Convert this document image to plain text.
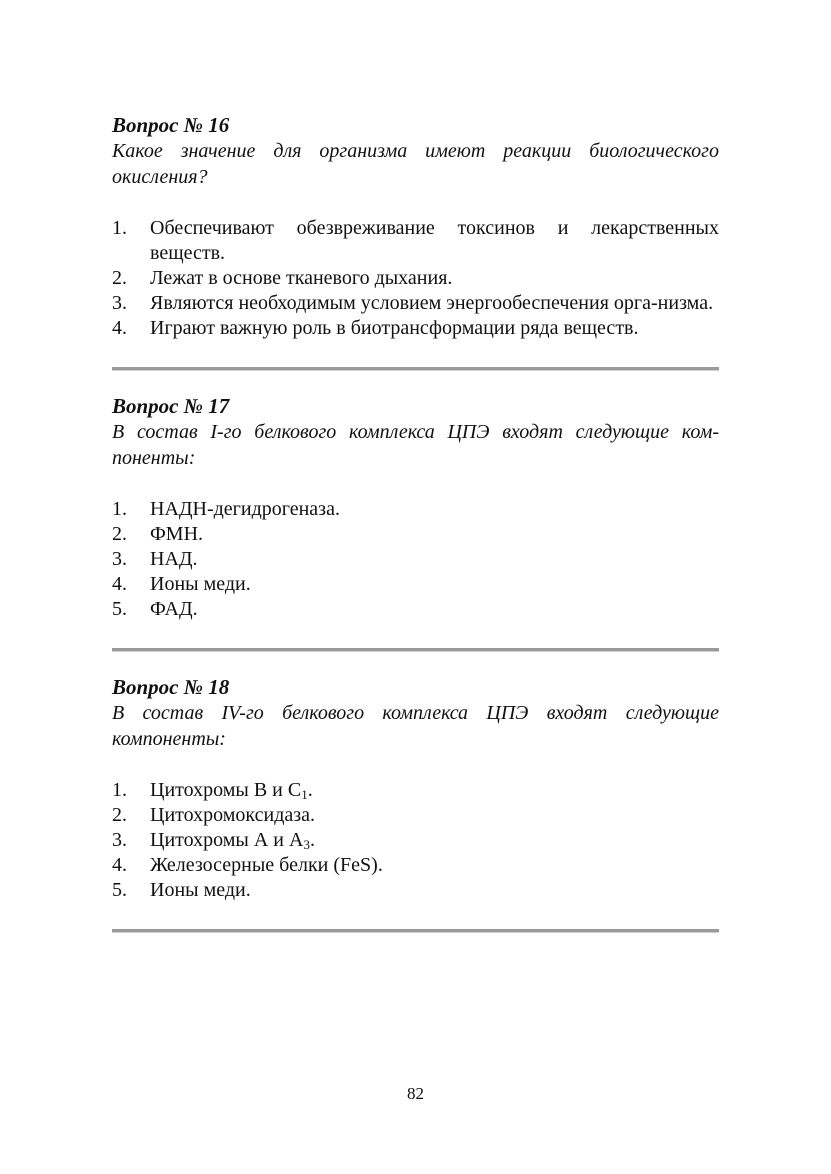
Вопрос № 16

Какое значение для организма имеют реакции биологического окисления?

1.	Обеспечивают обезвреживание токсинов и лекарственных веществ.
2.	Лежат в основе тканевого дыхания.
3.	Являются необходимым условием энергообеспечения орга-низма.
4.	Играют важную роль в биотрансформации ряда веществ.

Вопрос № 17

В состав I-го белкового комплекса ЦПЭ входят следующие ком-поненты:

1.	НАДН-дегидрогеназа.
2.	ФМН.
3.	НАД.
4.	Ионы меди.
5.	ФАД.

Вопрос № 18

В состав IV-го белкового комплекса ЦПЭ входят следующие компоненты:

1.	Цитохромы B и $C_1$.
2.	Цитохромоксидаза.
3.	Цитохромы А и $А_3$.
4.	Железосерные белки (FeS).
5.	Ионы меди.
82
